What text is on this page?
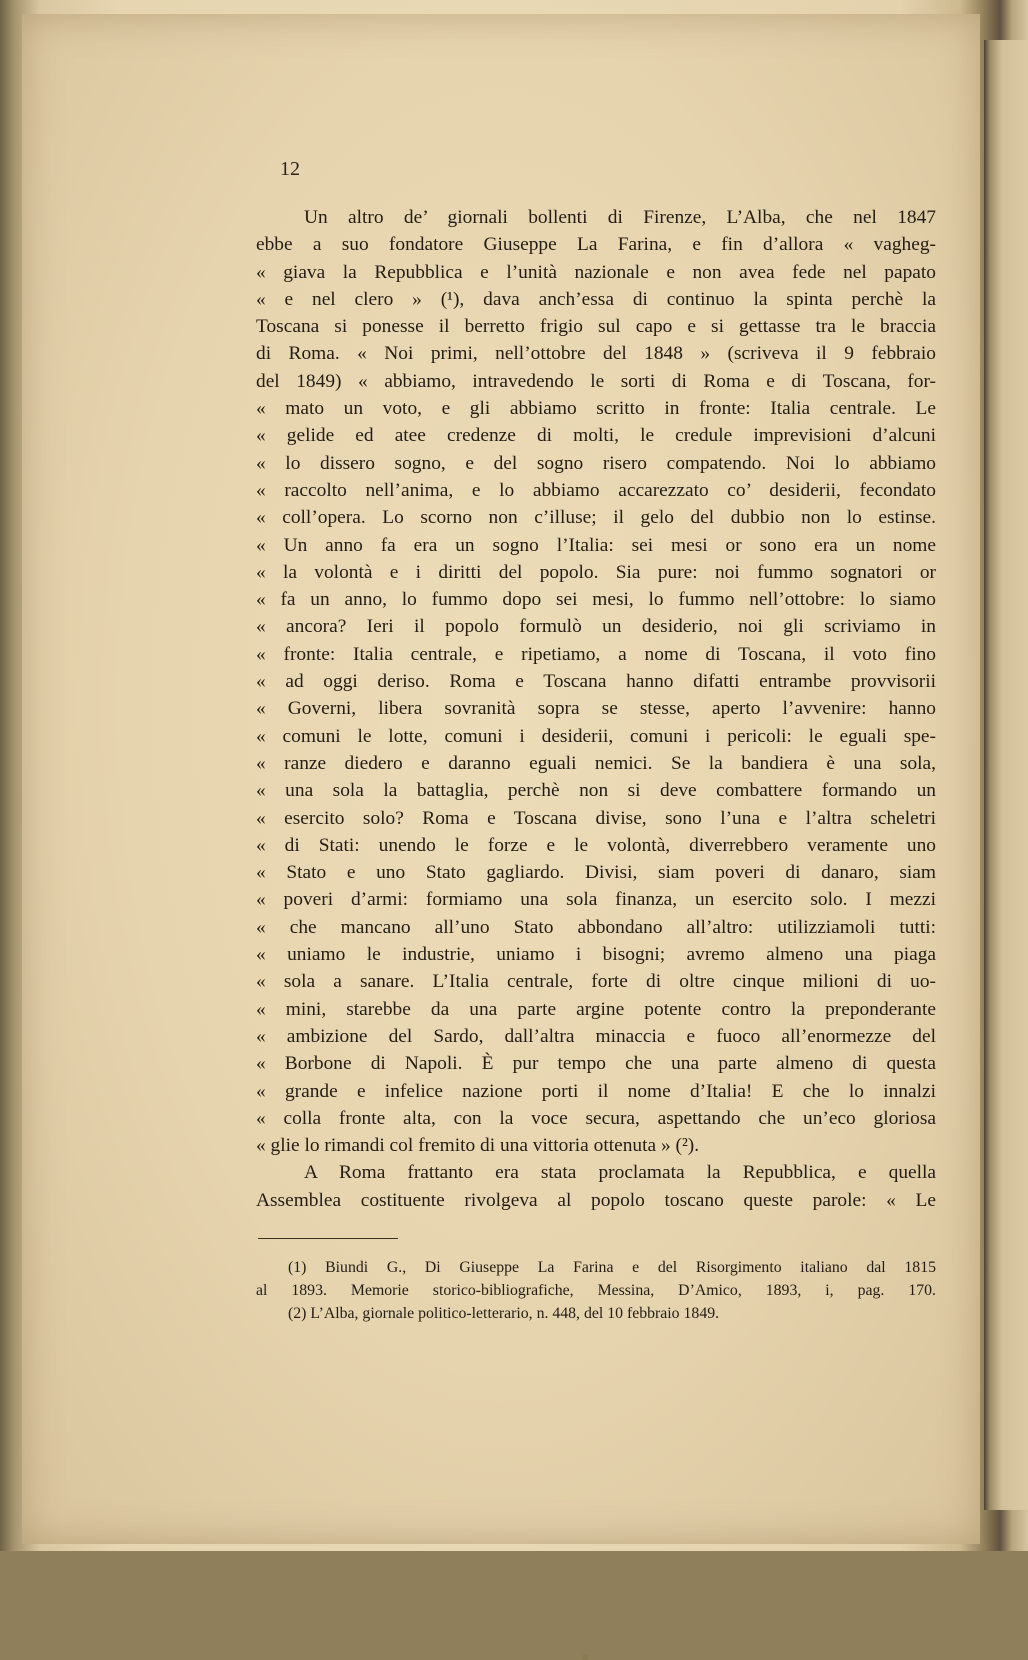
12
Un altro de’ giornali bollenti di Firenze, L’Alba, che nel 1847
ebbe a suo fondatore Giuseppe La Farina, e fin d’allora « vagheg-
« giava la Repubblica e l’unità nazionale e non avea fede nel papato
« e nel clero » (¹), dava anch’essa di continuo la spinta perchè la
Toscana si ponesse il berretto frigio sul capo e si gettasse tra le braccia
di Roma. « Noi primi, nell’ottobre del 1848 » (scriveva il 9 febbraio
del 1849) « abbiamo, intravedendo le sorti di Roma e di Toscana, for-
« mato un voto, e gli abbiamo scritto in fronte: Italia centrale. Le
« gelide ed atee credenze di molti, le credule imprevisioni d’alcuni
« lo dissero sogno, e del sogno risero compatendo. Noi lo abbiamo
« raccolto nell’anima, e lo abbiamo accarezzato co’ desiderii, fecondato
« coll’opera. Lo scorno non c’illuse; il gelo del dubbio non lo estinse.
« Un anno fa era un sogno l’Italia: sei mesi or sono era un nome
« la volontà e i diritti del popolo. Sia pure: noi fummo sognatori or
« fa un anno, lo fummo dopo sei mesi, lo fummo nell’ottobre: lo siamo
« ancora? Ieri il popolo formulò un desiderio, noi gli scriviamo in
« fronte: Italia centrale, e ripetiamo, a nome di Toscana, il voto fino
« ad oggi deriso. Roma e Toscana hanno difatti entrambe provvisorii
« Governi, libera sovranità sopra se stesse, aperto l’avvenire: hanno
« comuni le lotte, comuni i desiderii, comuni i pericoli: le eguali spe-
« ranze diedero e daranno eguali nemici. Se la bandiera è una sola,
« una sola la battaglia, perchè non si deve combattere formando un
« esercito solo? Roma e Toscana divise, sono l’una e l’altra scheletri
« di Stati: unendo le forze e le volontà, diverrebbero veramente uno
« Stato e uno Stato gagliardo. Divisi, siam poveri di danaro, siam
« poveri d’armi: formiamo una sola finanza, un esercito solo. I mezzi
« che mancano all’uno Stato abbondano all’altro: utilizziamoli tutti:
« uniamo le industrie, uniamo i bisogni; avremo almeno una piaga
« sola a sanare. L’Italia centrale, forte di oltre cinque milioni di uo-
« mini, starebbe da una parte argine potente contro la preponderante
« ambizione del Sardo, dall’altra minaccia e fuoco all’enormezze del
« Borbone di Napoli. È pur tempo che una parte almeno di questa
« grande e infelice nazione porti il nome d’Italia! E che lo innalzi
« colla fronte alta, con la voce secura, aspettando che un’eco gloriosa
« glie lo rimandi col fremito di una vittoria ottenuta » (²).
A Roma frattanto era stata proclamata la Repubblica, e quella
Assemblea costituente rivolgeva al popolo toscano queste parole: « Le
(1) Biundi G., Di Giuseppe La Farina e del Risorgimento italiano dal 1815
al 1893. Memorie storico-bibliografiche, Messina, D’Amico, 1893, i, pag. 170.
(2) L’Alba, giornale politico-letterario, n. 448, del 10 febbraio 1849.
